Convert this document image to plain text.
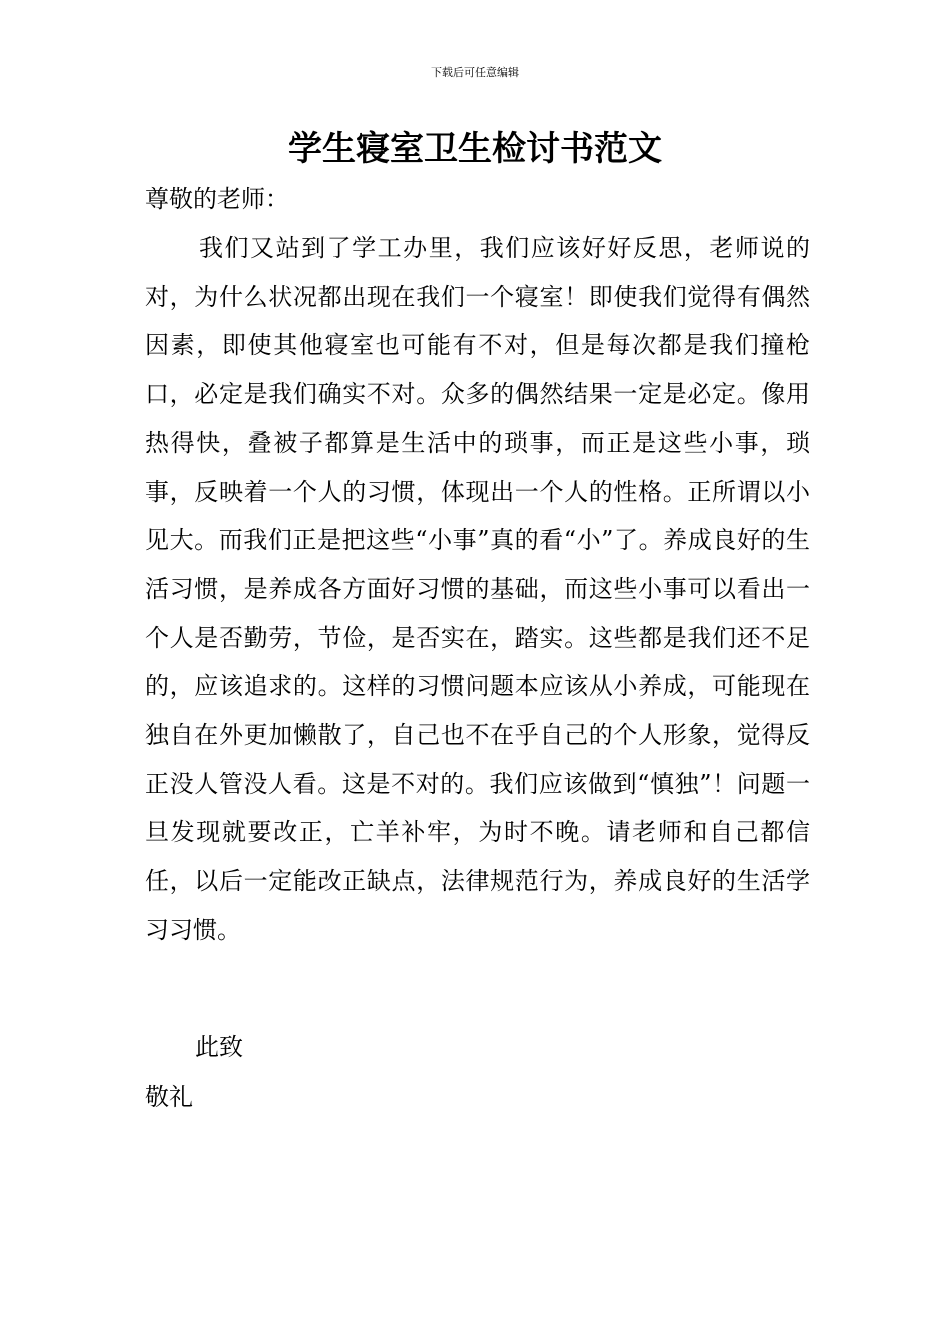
下载后可任意编辑
学生寝室卫生检讨书范文
尊敬的老师：

我们又站到了学工办里，我们应该好好反思，老师说的对，为什么状况都出现在我们一个寝室！即使我们觉得有偶然因素，即使其他寝室也可能有不对，但是每次都是我们撞枪口，必定是我们确实不对。众多的偶然结果一定是必定。像用热得快，叠被子都算是生活中的琐事，而正是这些小事，琐事，反映着一个人的习惯，体现出一个人的性格。正所谓以小见大。而我们正是把这些“小事”真的看“小”了。养成良好的生活习惯，是养成各方面好习惯的基础，而这些小事可以看出一个人是否勤劳，节俭，是否实在，踏实。这些都是我们还不足的，应该追求的。这样的习惯问题本应该从小养成，可能现在独自在外更加懒散了，自己也不在乎自己的个人形象，觉得反正没人管没人看。这是不对的。我们应该做到“慎独”！问题一旦发现就要改正，亡羊补牢，为时不晚。请老师和自己都信任，以后一定能改正缺点，法律规范行为，养成良好的生活学习习惯。

此致
敬礼
